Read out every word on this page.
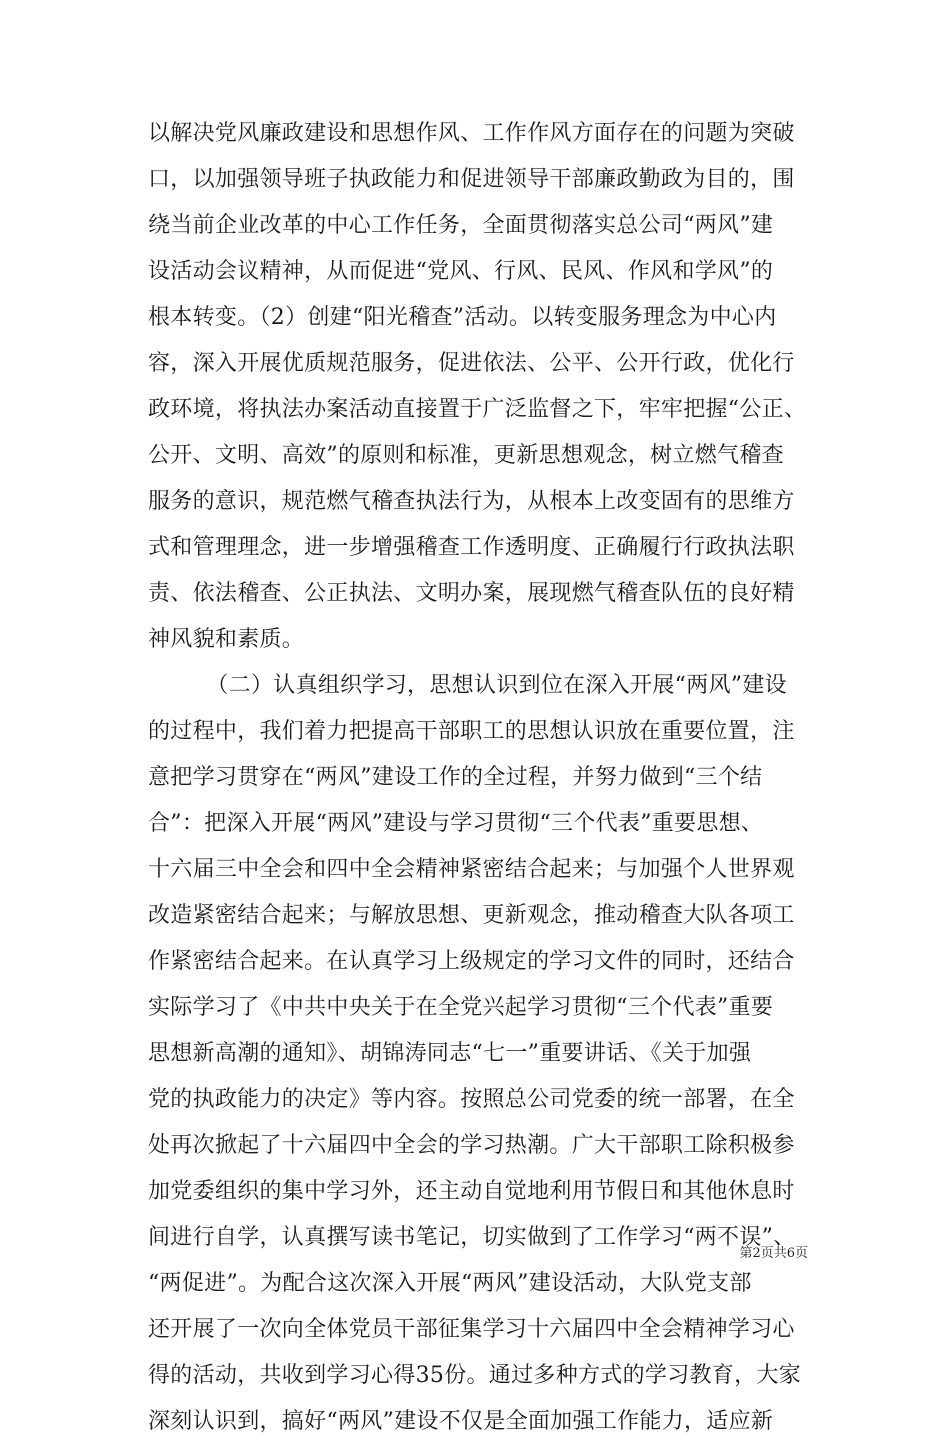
以解决党风廉政建设和思想作风、工作作风方面存在的问题为突破
口，以加强领导班子执政能力和促进领导干部廉政勤政为目的，围
绕当前企业改革的中心工作任务，全面贯彻落实总公司“两风”建
设活动会议精神，从而促进“党风、行风、民风、作风和学风”的
根本转变。（2）创建“阳光稽查”活动。以转变服务理念为中心内
容，深入开展优质规范服务，促进依法、公平、公开行政，优化行
政环境，将执法办案活动直接置于广泛监督之下，牢牢把握“公正、
公开、文明、高效”的原则和标准，更新思想观念，树立燃气稽查
服务的意识，规范燃气稽查执法行为，从根本上改变固有的思维方
式和管理理念，进一步增强稽查工作透明度、正确履行行政执法职
责、依法稽查、公正执法、文明办案，展现燃气稽查队伍的良好精
神风貌和素质。
（二）认真组织学习，思想认识到位在深入开展“两风”建设
的过程中，我们着力把提高干部职工的思想认识放在重要位置，注
意把学习贯穿在“两风”建设工作的全过程，并努力做到“三个结
合”：把深入开展“两风”建设与学习贯彻“三个代表”重要思想、
十六届三中全会和四中全会精神紧密结合起来；与加强个人世界观
改造紧密结合起来；与解放思想、更新观念，推动稽查大队各项工
作紧密结合起来。在认真学习上级规定的学习文件的同时，还结合
实际学习了《中共中央关于在全党兴起学习贯彻“三个代表”重要
思想新高潮的通知》、胡锦涛同志“七一”重要讲话、《关于加强
党的执政能力的决定》等内容。按照总公司党委的统一部署，在全
处再次掀起了十六届四中全会的学习热潮。广大干部职工除积极参
加党委组织的集中学习外，还主动自觉地利用节假日和其他休息时
间进行自学，认真撰写读书笔记，切实做到了工作学习“两不误”、
“两促进”。为配合这次深入开展“两风”建设活动，大队党支部
还开展了一次向全体党员干部征集学习十六届四中全会精神学习心
得的活动，共收到学习心得35份。通过多种方式的学习教育，大家
深刻认识到，搞好“两风”建设不仅是全面加强工作能力，适应新
第2页共6页
